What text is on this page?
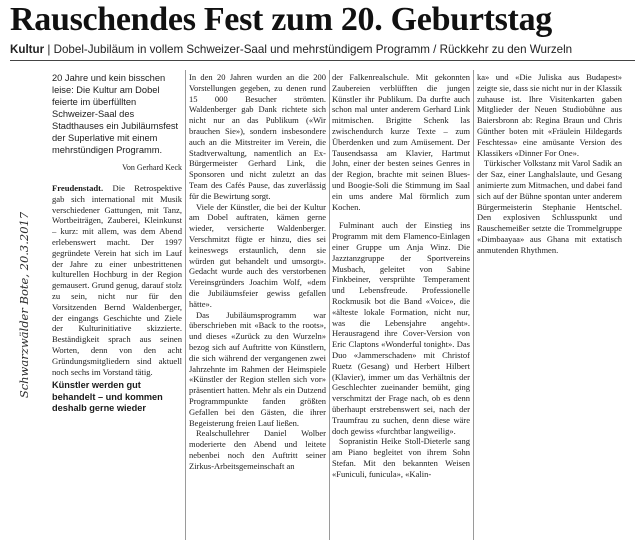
Rauschendes Fest zum 20. Geburtstag
Kultur | Dobel-Jubiläum in vollem Schweizer-Saal und mehrstündigem Programm / Rückkehr zu den Wurzeln
Schwarzwälder Bote, 20.3.2017

20 Jahre und kein bisschen leise: Die Kultur am Dobel feierte im überfüllten Schweizer-Saal des Stadthauses ein Jubiläumsfest der Superlative mit einem mehrstündigen Programm.

Von Gerhard Keck

Freudenstadt. Die Retrospektive gab sich international mit Musik verschiedener Gattungen, mit Tanz, Wortbeiträgen, Zauberei, Kleinkunst – kurz: mit allem, was dem Abend erlebenswert macht. Der 1997 gegründete Verein hat sich im Lauf der Jahre zu einer unbestrittenen kulturellen Hochburg in der Region gemausert. Grund genug, darauf stolz zu sein, nicht nur für den Vorsitzenden Bernd Waldenberger, der eingangs Geschichte und Ziele der Kulturinitiative skizzierte. Beständigkeit sprach aus seinen Worten, denn von den acht Gründungsmitgliedern sind aktuell noch sechs im Vorstand tätig.

Künstler werden gut behandelt – und kommen deshalb gerne wieder

In den 20 Jahren wurden an die 200 Vorstellungen gegeben, zu denen rund 15 000 Besucher strömten. Waldenberger gab Dank richtete sich nicht nur an das Publikum («Wir brauchen Sie»), sondern insbesondere auch an die Mitstreiter im Verein, die Stadtverwaltung, namentlich an Ex-Bürgermeister Gerhard Link, die Sponsoren und nicht zuletzt an das Team des Cafés Pause, das zuverlässig für die Bewirtung sorgt.

Viele der Künstler, die bei der Kultur am Dobel auftraten, kämen gerne wieder, versicherte Waldenberger. Verschmitzt fügte er hinzu, dies sei keineswegs erstaunlich, denn sie würden gut behandelt und umsorgt». Gedacht wurde auch des verstorbenen Vereinsgründers Joachim Wolf, «dem die Jubiläumsfeier gewiss gefallen hätte».

Das Jubiläumsprogramm war überschrieben mit «Back to the roots», und dieses «Zurück zu den Wurzeln» bezog sich auf Auftritte von Künstlern, die sich während der vergangenen zwei Jahrzehnte im Rahmen der Heimspiele «Künstler der Region stellen sich vor» präsentiert hatten. Mehr als ein Dutzend Programmpunkte fanden größten Gefallen bei den Gästen, die ihrer Begeisterung freien Lauf ließen.

Realschullehrer Daniel Wolber moderierte den Abend und leitete nebenbei noch den Auftritt seiner Zirkus-Arbeitsgemeinschaft an

der Falkenrealschule. Mit gekonnten Zaubereien verblüfften die jungen Künstler ihr Publikum. Da durfte auch schon mal unter anderem Gerhard Link mitmischen. Brigitte Schenk las zwischendurch kurze Texte – zum Überdenken und zum Amüsement. Der Tausendsassa am Klavier, Hartmut John, einer der besten seines Genres in der Region, brachte mit seinen Blues- und Boogie-Soli die Stimmung im Saal ein ums andere Mal förmlich zum Kochen.

Fulminant auch der Einstieg ins Programm mit dem Flamenco-Einlagen einer Gruppe um Anja Winz. Die Jazztanzgruppe der Sportvereins Musbach, geleitet von Sabine Finkbeiner, versprühte Temperament und Lebensfreude. Professionelle Rockmusik bot die Band «Voice», die «älteste lokale Formation, nicht nur, was die Lebensjahre angeht». Herausragend ihre Cover-Version von Eric Claptons «Wonderful tonight». Das Duo «Jammerschaden» mit Christof Ruetz (Gesang) und Herbert Hilbert (Klavier), immer um das Verhältnis der Geschlechter zueinander bemüht, ging verschmitzt der Frage nach, ob es denn überhaupt erstrebenswert sei, nach der Traumfrau zu suchen, denn diese wäre doch gewiss «furchtbar langweilig».

Sopranistin Heike Stoll-Dieterle sang am Piano begleitet von ihrem Sohn Stefan. Mit den bekannten Weisen «Funiculi, funicula», «Kalin-

ka» und «Die Juliska aus Budapest» zeigte sie, dass sie nicht nur in der Klassik zuhause ist. Ihre Visitenkarten gaben Mitglieder der Neuen Studiobühne aus Baiersbronn ab: Regina Braun und Chris Günther boten mit «Fräulein Hildegards Feschtessa» eine amüsante Version des Klassikers «Dinner For One».

Türkischer Volkstanz mit Varol Sadik an der Saz, einer Langhalslaute, und Gesang animierte zum Mitmachen, und dabei fand sich auf der Bühne spontan unter anderem Bürgermeisterin Stephanie Hentschel. Den explosiven Schlusspunkt und Rauschemeißer setzte die Trommelgruppe «Dimbaayaa» aus Ghana mit extatisch anmutenden Rhythmen.
